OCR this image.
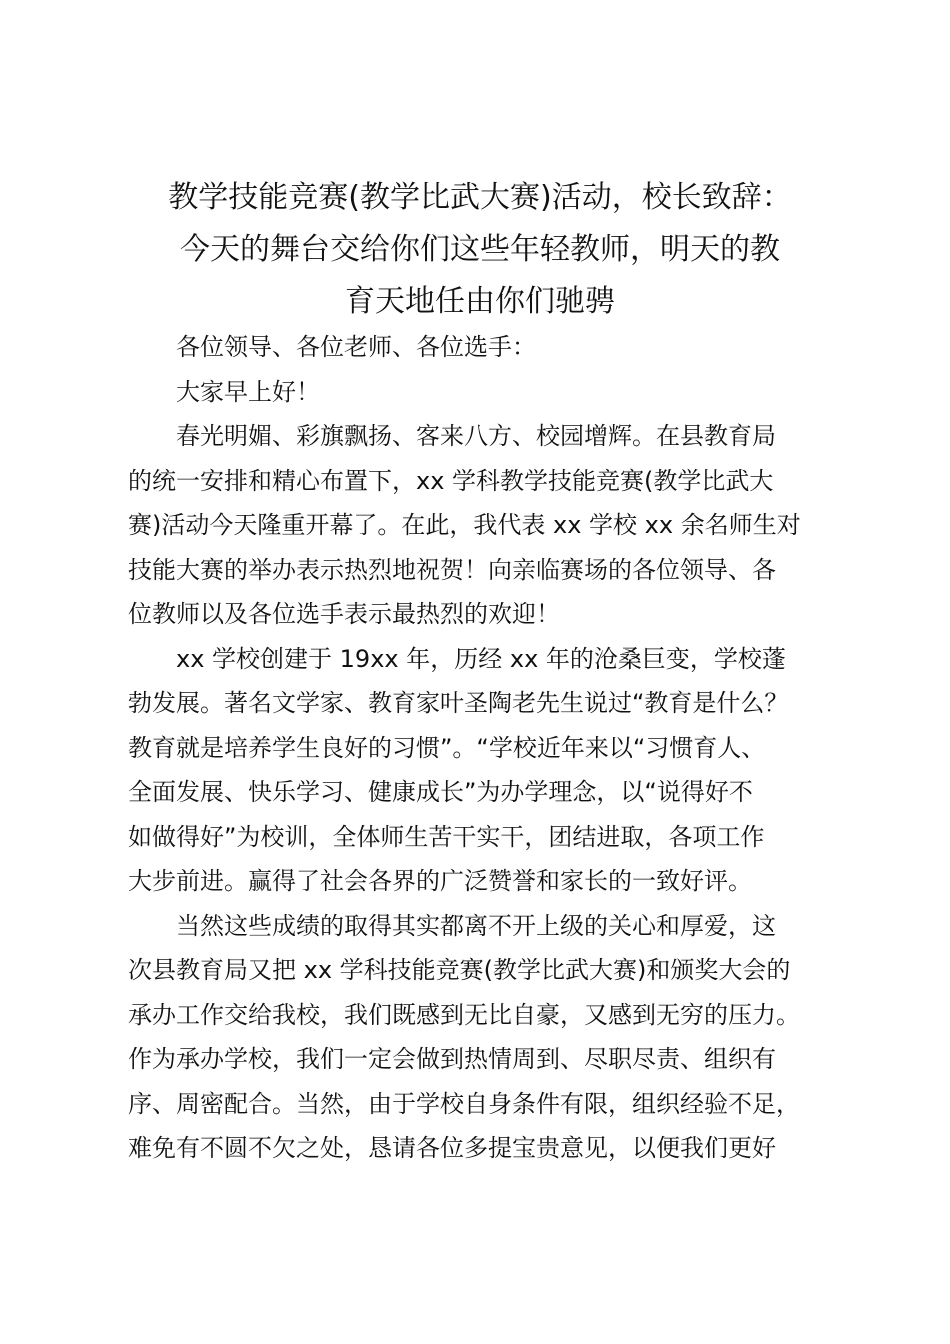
教学技能竞赛(教学比武大赛)活动，校长致辞：
今天的舞台交给你们这些年轻教师，明天的教
育天地任由你们驰骋

各位领导、各位老师、各位选手：

大家早上好！

春光明媚、彩旗飘扬、客来八方、校园增辉。在县教育局
的统一安排和精心布置下，xx 学科教学技能竞赛(教学比武大
赛)活动今天隆重开幕了。在此，我代表 xx 学校 xx 余名师生对
技能大赛的举办表示热烈地祝贺！向亲临赛场的各位领导、各
位教师以及各位选手表示最热烈的欢迎！

xx 学校创建于 19xx 年，历经 xx 年的沧桑巨变，学校蓬
勃发展。著名文学家、教育家叶圣陶老先生说过“教育是什么？
教育就是培养学生良好的习惯”。“学校近年来以“习惯育人、
全面发展、快乐学习、健康成长”为办学理念，以“说得好不
如做得好”为校训，全体师生苦干实干，团结进取，各项工作
大步前进。赢得了社会各界的广泛赞誉和家长的一致好评。

当然这些成绩的取得其实都离不开上级的关心和厚爱，这
次县教育局又把 xx 学科技能竞赛(教学比武大赛)和颁奖大会的
承办工作交给我校，我们既感到无比自豪，又感到无穷的压力。
作为承办学校，我们一定会做到热情周到、尽职尽责、组织有
序、周密配合。当然，由于学校自身条件有限，组织经验不足，
难免有不圆不欠之处，恳请各位多提宝贵意见，以便我们更好
